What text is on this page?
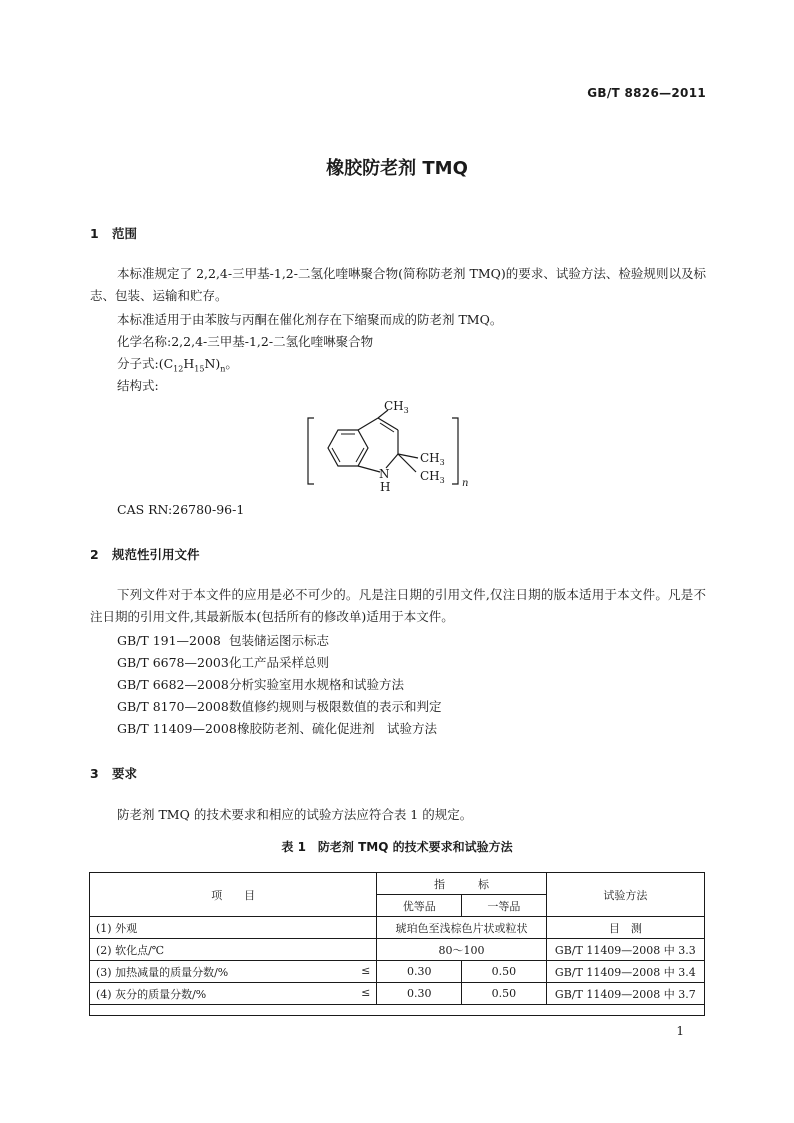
GB/T 8826—2011
橡胶防老剂 TMQ
1 范围
本标准规定了 2,2,4-三甲基-1,2-二氢化喹啉聚合物(简称防老剂 TMQ)的要求、试验方法、检验规则以及标志、包装、运输和贮存。
本标准适用于由苯胺与丙酮在催化剂存在下缩聚而成的防老剂 TMQ。
化学名称:2,2,4-三甲基-1,2-二氢化喹啉聚合物
分子式$:(C_{12}H_{15}N)_n$。
结构式:
$CH_3$
$CH_3$
$CH_3$
N
H	n
CAS RN:26780-96-1
2 规范性引用文件
下列文件对于本文件的应用是必不可少的。凡是注日期的引用文件,仅注日期的版本适用于本文件。凡是不注日期的引用文件,其最新版本(包括所有的修改单)适用于本文件。
GB/T 191—2008 包装储运图示标志
GB/T 6678—2003化工产品采样总则
GB/T 6682—2008分析实验室用水规格和试验方法
GB/T 8170—2008数值修约规则与极限数值的表示和判定
GB/T 11409—2008橡胶防老剂、硫化促进剂　试验方法
3 要求
防老剂 TMQ 的技术要求和相应的试验方法应符合表 1 的规定。
表 1　防老剂 TMQ 的技术要求和试验方法
项　　目	指　　　标		试验方法
	优等品	一等品	
(1) 外观	琥珀色至浅棕色片状或粒状		目　测
(2) 软化点/℃	80～100		GB/T 11409—2008 中 3.3
(3) 加热减量的质量分数/% ≤	0.30	0.50	GB/T 11409—2008 中 3.4
(4) 灰分的质量分数/% ≤	0.30	0.50	GB/T 11409—2008 中 3.7
1
